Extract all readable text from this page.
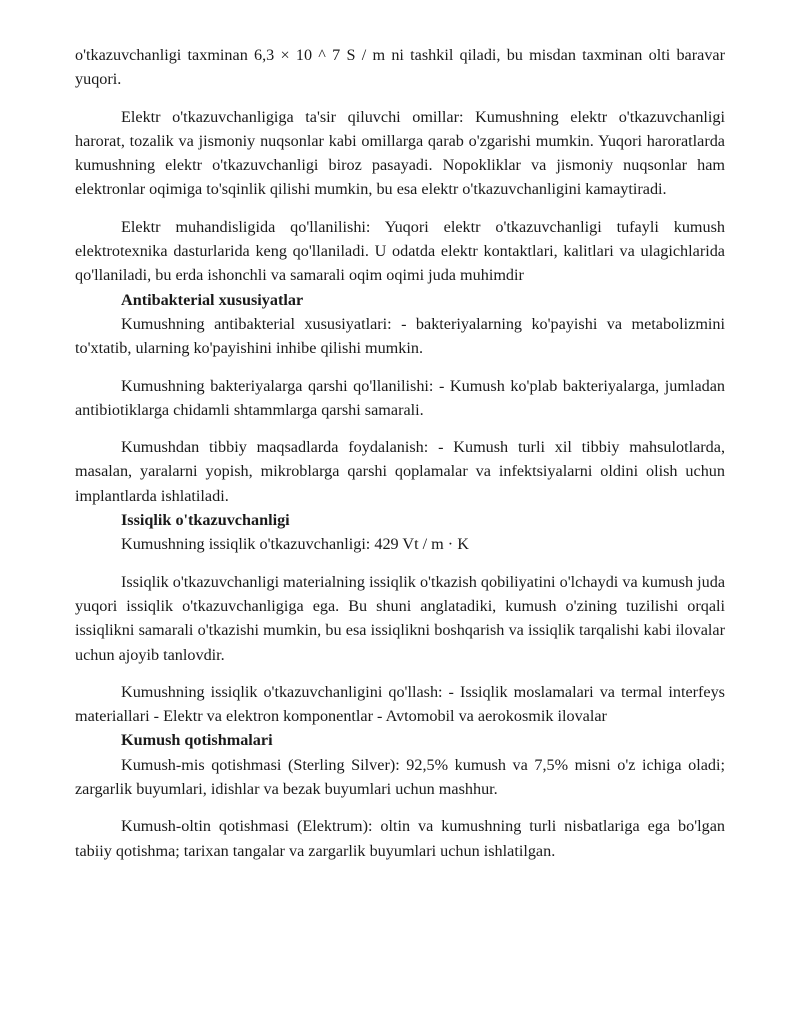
o'tkazuvchanligi taxminan 6,3 × 10 ^ 7 S / m ni tashkil qiladi, bu misdan taxminan olti baravar yuqori.

Elektr o'tkazuvchanligiga ta'sir qiluvchi omillar: Kumushning elektr o'tkazuvchanligi harorat, tozalik va jismoniy nuqsonlar kabi omillarga qarab o'zgarishi mumkin. Yuqori haroratlarda kumushning elektr o'tkazuvchanligi biroz pasayadi. Nopokliklar va jismoniy nuqsonlar ham elektronlar oqimiga to'sqinlik qilishi mumkin, bu esa elektr o'tkazuvchanligini kamaytiradi.

Elektr muhandisligida qo'llanilishi: Yuqori elektr o'tkazuvchanligi tufayli kumush elektrotexnika dasturlarida keng qo'llaniladi. U odatda elektr kontaktlari, kalitlari va ulagichlarida qo'llaniladi, bu erda ishonchli va samarali oqim oqimi juda muhimdir

Antibakterial xususiyatlar

Kumushning antibakterial xususiyatlari: - bakteriyalarning ko'payishi va metabolizmini to'xtatib, ularning ko'payishini inhibe qilishi mumkin.

Kumushning bakteriyalarga qarshi qo'llanilishi: - Kumush ko'plab bakteriyalarga, jumladan antibiotiklarga chidamli shtammlarga qarshi samarali.

Kumushdan tibbiy maqsadlarda foydalanish: - Kumush turli xil tibbiy mahsulotlarda, masalan, yaralarni yopish, mikroblarga qarshi qoplamalar va infektsiyalarni oldini olish uchun implantlarda ishlatiladi.

Issiqlik o'tkazuvchanligi

Kumushning issiqlik o'tkazuvchanligi: 429 Vt / m · K

Issiqlik o'tkazuvchanligi materialning issiqlik o'tkazish qobiliyatini o'lchaydi va kumush juda yuqori issiqlik o'tkazuvchanligiga ega. Bu shuni anglatadiki, kumush o'zining tuzilishi orqali issiqlikni samarali o'tkazishi mumkin, bu esa issiqlikni boshqarish va issiqlik tarqalishi kabi ilovalar uchun ajoyib tanlovdir.

Kumushning issiqlik o'tkazuvchanligini qo'llash: - Issiqlik moslamalari va termal interfeys materiallari - Elektr va elektron komponentlar - Avtomobil va aerokosmik ilovalar

Kumush qotishmalari

Kumush-mis qotishmasi (Sterling Silver): 92,5% kumush va 7,5% misni o'z ichiga oladi; zargarlik buyumlari, idishlar va bezak buyumlari uchun mashhur.

Kumush-oltin qotishmasi (Elektrum): oltin va kumushning turli nisbatlariga ega bo'lgan tabiiy qotishma; tarixan tangalar va zargarlik buyumlari uchun ishlatilgan.
